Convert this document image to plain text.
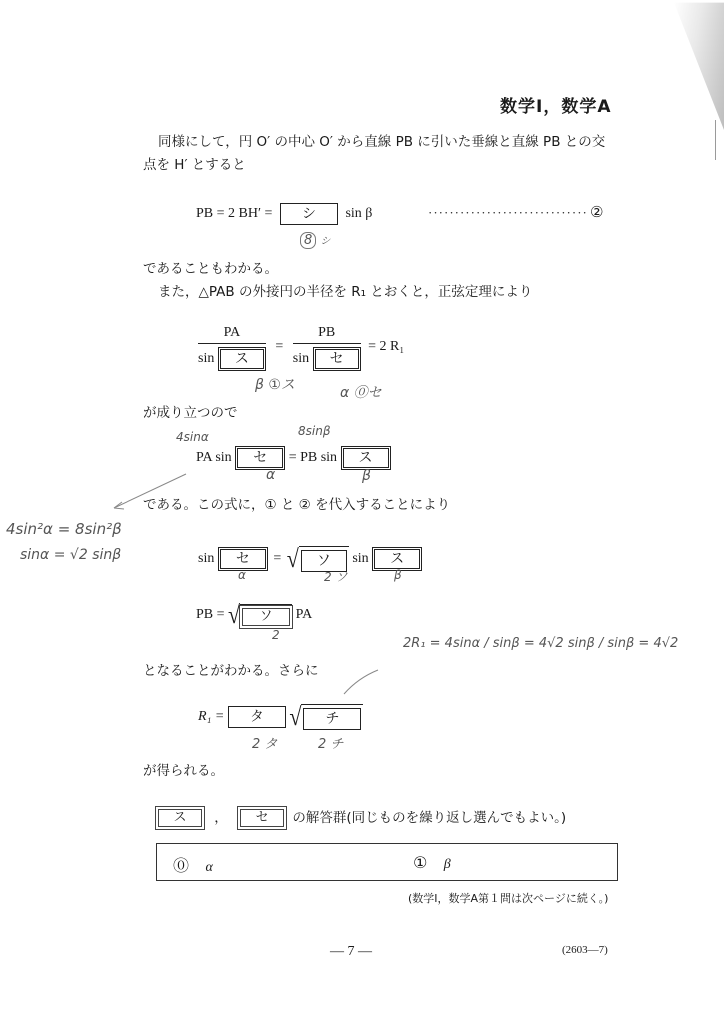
数学Ⅰ，数学A
同様にして，円 O′ の中心 O′ から直線 PB に引いた垂線と直線 PB との交
点を H′ とすると
PB = 2 BH′ = シ sin β	······························ ②
8 シ
であることもわかる。
また，△PAB の外接円の半径を R₁ とおくと，正弦定理により
$\frac{PA}{\text{sin ス}} = \frac{PB}{\text{sin セ}} = 2$ R₁
β ①ス	α ⓪セ
が成り立つので
4sinα	8sinβ
PA sin セ = PB sin ス
α	β
である。この式に，① と ② を代入することにより
4sin²α = 8sin²β
sinα = √2 sinβ	sin セ = √ ソ sin ス
α	2 ソ	β
PB = √ ソ PA
2
2R₁ = 4sinα / sinβ = 4√2 sinβ / sinβ = 4√2
となることがわかる。さらに
R₁ = タ √ チ
2 タ	2 チ
が得られる。
ス ， セ の解答群(同じものを繰り返し選んでもよい。)
⓪ α	① β
(数学Ⅰ，数学A第１問は次ページに続く。)
— 7 —	(2603—7)
